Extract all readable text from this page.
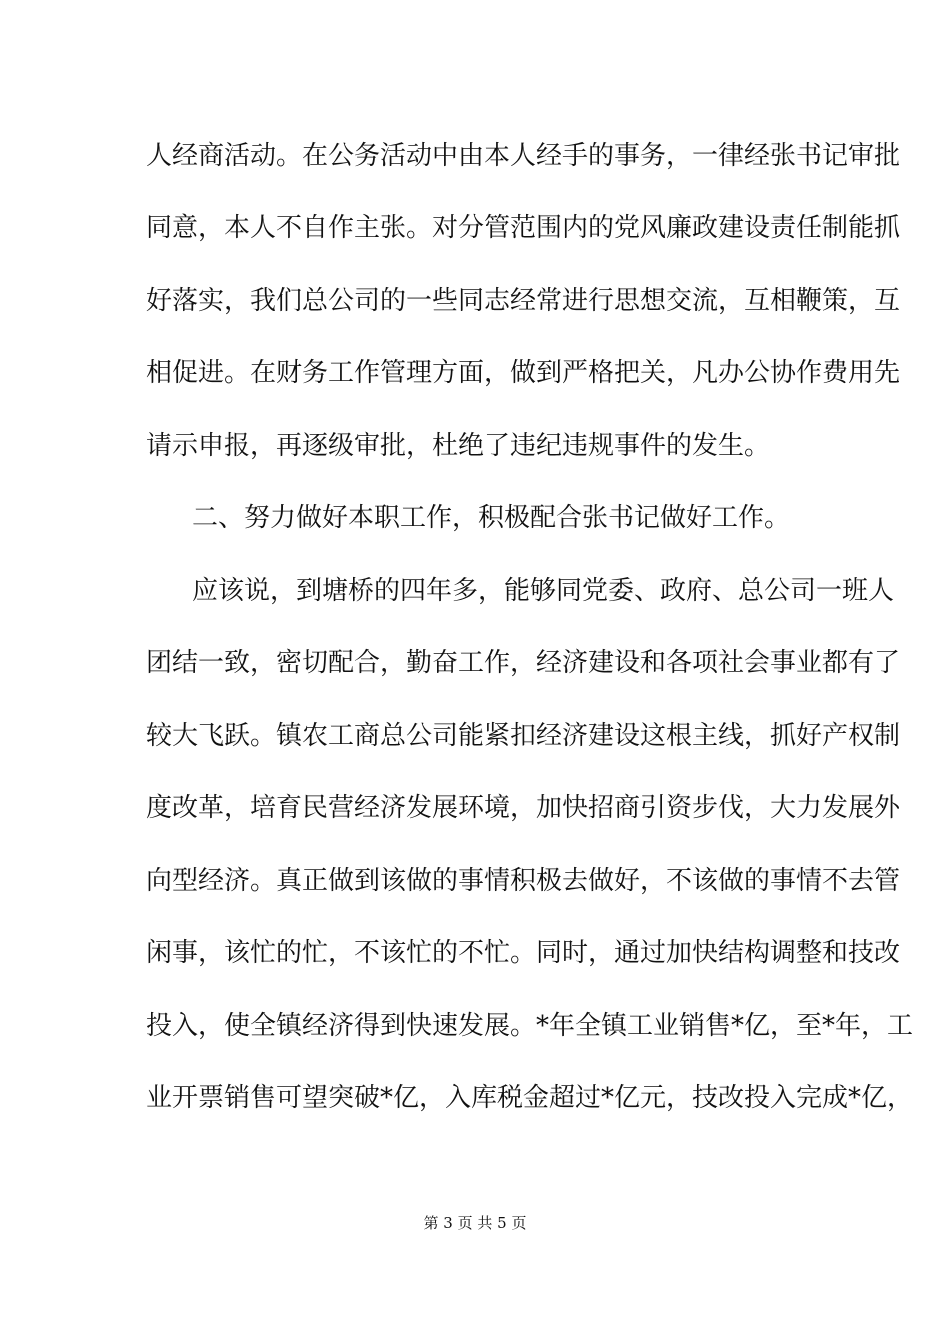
人经商活动。在公务活动中由本人经手的事务，一律经张书记审批
同意，本人不自作主张。对分管范围内的党风廉政建设责任制能抓
好落实，我们总公司的一些同志经常进行思想交流，互相鞭策，互
相促进。在财务工作管理方面，做到严格把关，凡办公协作费用先
请示申报，再逐级审批，杜绝了违纪违规事件的发生。
二、努力做好本职工作，积极配合张书记做好工作。
应该说，到塘桥的四年多，能够同党委、政府、总公司一班人
团结一致，密切配合，勤奋工作，经济建设和各项社会事业都有了
较大飞跃。镇农工商总公司能紧扣经济建设这根主线，抓好产权制
度改革，培育民营经济发展环境，加快招商引资步伐，大力发展外
向型经济。真正做到该做的事情积极去做好，不该做的事情不去管
闲事，该忙的忙，不该忙的不忙。同时，通过加快结构调整和技改
投入，使全镇经济得到快速发展。*年全镇工业销售*亿，至*年，工
业开票销售可望突破*亿，入库税金超过*亿元，技改投入完成*亿，
第 3 页 共 5 页
